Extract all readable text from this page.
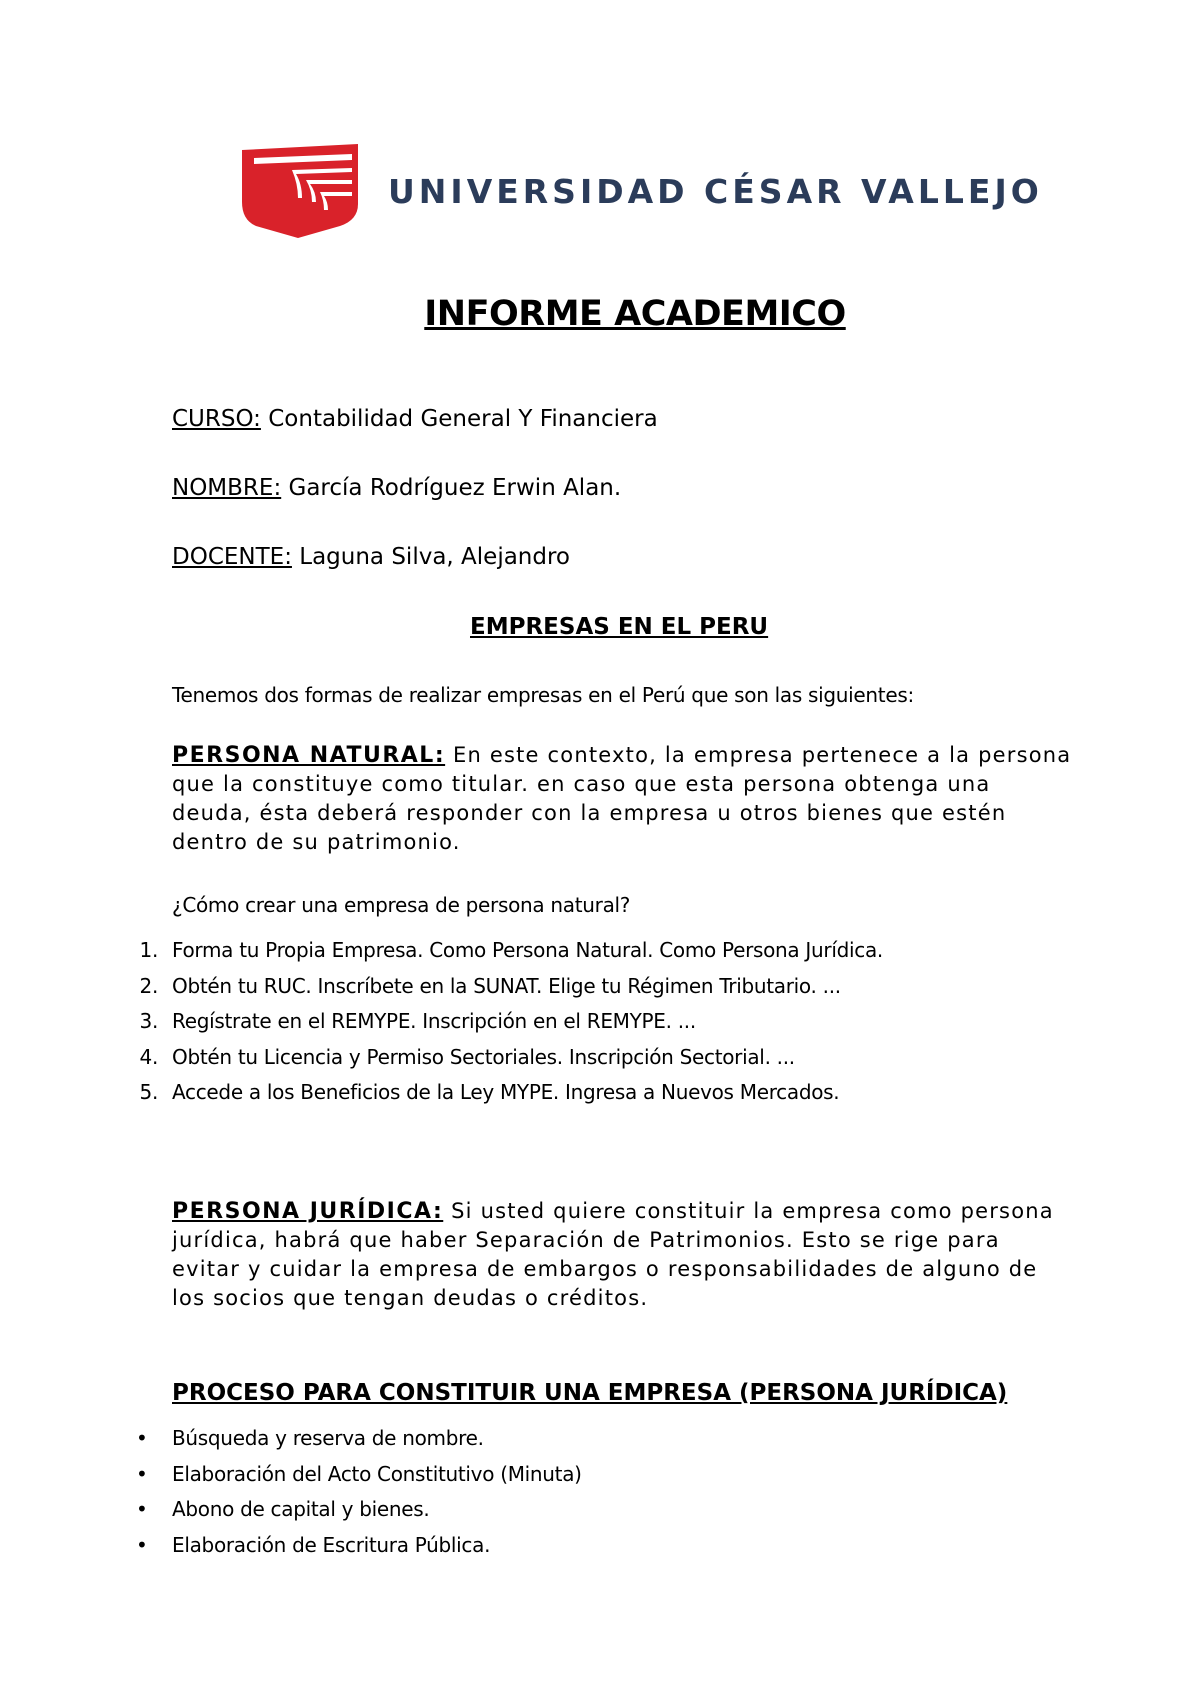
UNIVERSIDAD CÉSAR VALLEJO
INFORME ACADEMICO
CURSO: Contabilidad General Y Financiera
NOMBRE: García Rodríguez Erwin Alan.
DOCENTE: Laguna Silva, Alejandro
EMPRESAS EN EL PERU
Tenemos dos formas de realizar empresas en el Perú que son las siguientes:
PERSONA NATURAL: En este contexto, la empresa pertenece a la persona que la constituye como titular. en caso que esta persona obtenga una deuda, ésta deberá responder con la empresa u otros bienes que estén dentro de su patrimonio.
¿Cómo crear una empresa de persona natural?
1. Forma tu Propia Empresa. Como Persona Natural. Como Persona Jurídica.
2. Obtén tu RUC. Inscríbete en la SUNAT. Elige tu Régimen Tributario. ...
3. Regístrate en el REMYPE. Inscripción en el REMYPE. ...
4. Obtén tu Licencia y Permiso Sectoriales. Inscripción Sectorial. ...
5. Accede a los Beneficios de la Ley MYPE. Ingresa a Nuevos Mercados.
PERSONA JURÍDICA: Si usted quiere constituir la empresa como persona jurídica, habrá que haber Separación de Patrimonios. Esto se rige para evitar y cuidar la empresa de embargos o responsabilidades de alguno de los socios que tengan deudas o créditos.
PROCESO PARA CONSTITUIR UNA EMPRESA (PERSONA JURÍDICA)
•	Búsqueda y reserva de nombre.
•	Elaboración del Acto Constitutivo (Minuta)
•	Abono de capital y bienes.
•	Elaboración de Escritura Pública.
